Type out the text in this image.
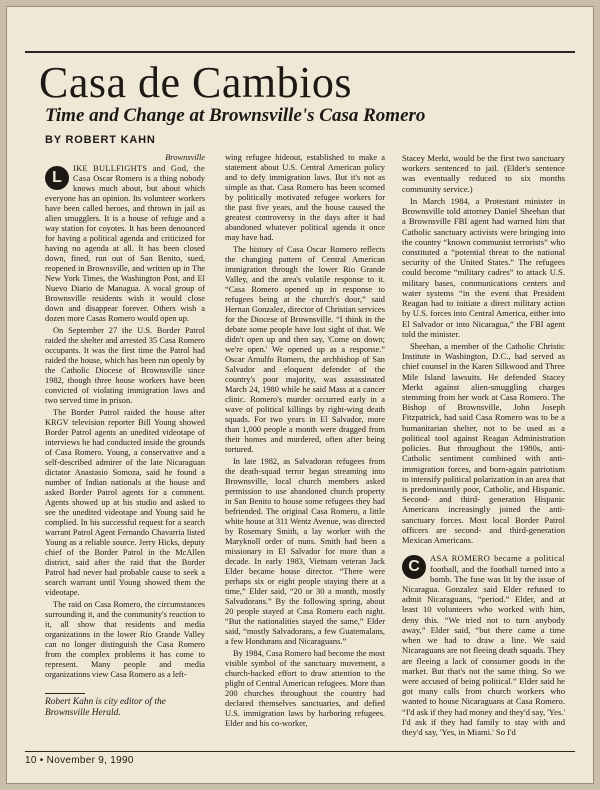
Casa de Cambios
Time and Change at Brownsville's Casa Romero
BY ROBERT KAHN
Brownsville
L

IKE BULLFIGHTS and God, the Casa Oscar Romero is a thing nobody knows much about, but about which everyone has an opinion. Its volunteer workers have been called heroes, and thrown in jail as alien smugglers. It is a house of refuge and a way station for coyotes. It has been denounced for having a political agenda and criticized for having no agenda at all. It has been closed down, fined, run out of San Benito, sued, reopened in Brownsville, and written up in The New York Times, the Washington Post, and El Nuevo Diario de Managua. A vocal group of Brownsville residents wish it would close down and disappear forever. Others wish a dozen more Casas Romero would open up.

On September 27 the U.S. Border Patrol raided the shelter and arrested 35 Casa Romero occupants. It was the first time the Patrol had raided the house, which has been run openly by the Catholic Diocese of Brownsville since 1982, though three house workers have been convicted of violating immigration laws and two served time in prison.

The Border Patrol raided the house after KRGV television reporter Bill Young showed Border Patrol agents an unedited videotape of interviews he had conducted inside the grounds of Casa Romero. Young, a conservative and a self-described admirer of the late Nicaraguan dictator Anastasio Somoza, said he found a number of Indian nationals at the house and asked Border Patrol agents for a comment. Agents showed up at his studio and asked to see the unedited videotape and Young said he complied. In his successful request for a search warrant Patrol Agent Fernando Chavarria listed Young as a reliable source. Jerry Hicks, deputy chief of the Border Patrol in the McAllen district, said after the raid that the Border Patrol had never had probable cause to seek a search warrant until Young showed them the videotape.

The raid on Casa Romero, the circumstances surrounding it, and the community's reaction to it, all show that residents and media organizations in the lower Rio Grande Valley can no longer distinguish the Casa Romero from the complex problems it has come to represent. Many people and media organizations view Casa Romero as a left-

wing refugee hideout, established to make a statement about U.S. Central American policy and to defy immigration laws. But it's not as simple as that. Casa Romero has been scorned by politically motivated refugee workers for the past five years, and the house caused the greatest controversy in the days after it had abandoned whatever political agenda it once may have had.

The history of Casa Oscar Romero reflects the changing pattern of Central American immigration through the lower Rio Grande Valley, and the area's volatile response to it. “Casa Romero opened up in response to refugees being at the church's door,” said Hernan Gonzalez, director of Christian services for the Diocese of Brownsville. “I think in the debate some people have lost sight of that. We didn't open up and then say, 'Come on down; we're open.' We opened up as a response.” Oscar Arnulfo Romero, the archbishop of San Salvador and eloquent defender of the country's poor majority, was assassinated March 24, 1980 while he said Mass at a cancer clinic. Romero's murder occurred early in a wave of political killings by right-wing death squads. For two years in El Salvador, more than 1,000 people a month were dragged from their homes and murdered, often after being tortured.

In late 1982, as Salvadoran refugees from the death-squad terror began streaming into Brownsville, local church members asked permission to use abandoned church property in San Benito to house some refugees they had befriended. The original Casa Romero, a little white house at 311 Wentz Avenue, was directed by Rosemary Smith, a lay worker with the Maryknoll order of nuns. Smith had been a missionary in El Salvador for more than a decade. In early 1983, Vietnam veteran Jack Elder became house director. “There were perhaps six or eight people staying there at a time,” Elder said, “20 or 30 a month, mostly Salvadorans.” By the following spring, about 20 people stayed at Casa Romero each night. “But the nationalities stayed the same,” Elder said, “mostly Salvadorans, a few Guatemalans, a few Hondurans and Nicaraguans.”

By 1984, Casa Romero had become the most visible symbol of the sanctuary movement, a church-backed effort to draw attention to the plight of Central American refugees. More than 200 churches throughout the country had declared themselves sanctuaries, and defied U.S. immigration laws by harboring refugees. Elder and his co-worker,

Stacey Merkt, would be the first two sanctuary workers sentenced to jail. (Elder's sentence was eventually reduced to six months community service.)

In March 1984, a Protestant minister in Brownsville told attorney Daniel Sheehan that a Brownsville FBI agent had warned him that Catholic sanctuary activists were bringing into the country “known communist terrorists” who constituted a “potential threat to the national security of the United States.” The refugees could become “military cadres” to attack U.S. military bases, communications centers and water systems “in the event that President Reagan had to initiate a direct military action by U.S. forces into Central America, either into El Salvador or into Nicaragua,” the FBI agent told the minister.

Sheehan, a member of the Catholic Christic Institute in Washington, D.C., had served as chief counsel in the Karen Silkwood and Three Mile Island lawsuits. He defended Stacey Merkt against alien-smuggling charges stemming from her work at Casa Romero. The Bishop of Brownsville, John Joseph Fitzpatrick, had said Casa Romero was to be a humanitarian shelter, not to be used as a political tool against Reagan Administration policies. But throughout the 1980s, anti-Catholic sentiment combined with anti-immigration forces, and born-again patriotism to intensify political polarization in an area that is predominantly poor, Catholic, and Hispanic. Second- and third- generation Hispanic Americans increasingly joined the anti-sanctuary forces. Most local Border Patrol officers are second- and third-generation Mexican Americans.

C	ASA ROMERO became a political football, and the football turned into a bomb. The fuse was lit by the issue of Nicaragua. Gonzalez said Elder refused to admit Nicaraguans, “period.” Elder, and at least 10 volunteers who worked with him, deny this. “We tried not to turn anybody away,” Elder said, “but there came a time when we had to draw a line. We said Nicaraguans are not fleeing death squads. They are fleeing a lack of consumer goods in the market. But that's not the same thing. So we were accused of being political.” Elder said he got many calls from church workers who wanted to house Nicaraguans at Casa Romero. “I'd ask if they had money and they'd say, 'Yes.' I'd ask if they had family to stay with and they'd say, 'Yes, in Miami.' So I'd

Robert Kahn is city editor of the Brownsville Herald.
10 • November 9, 1990
